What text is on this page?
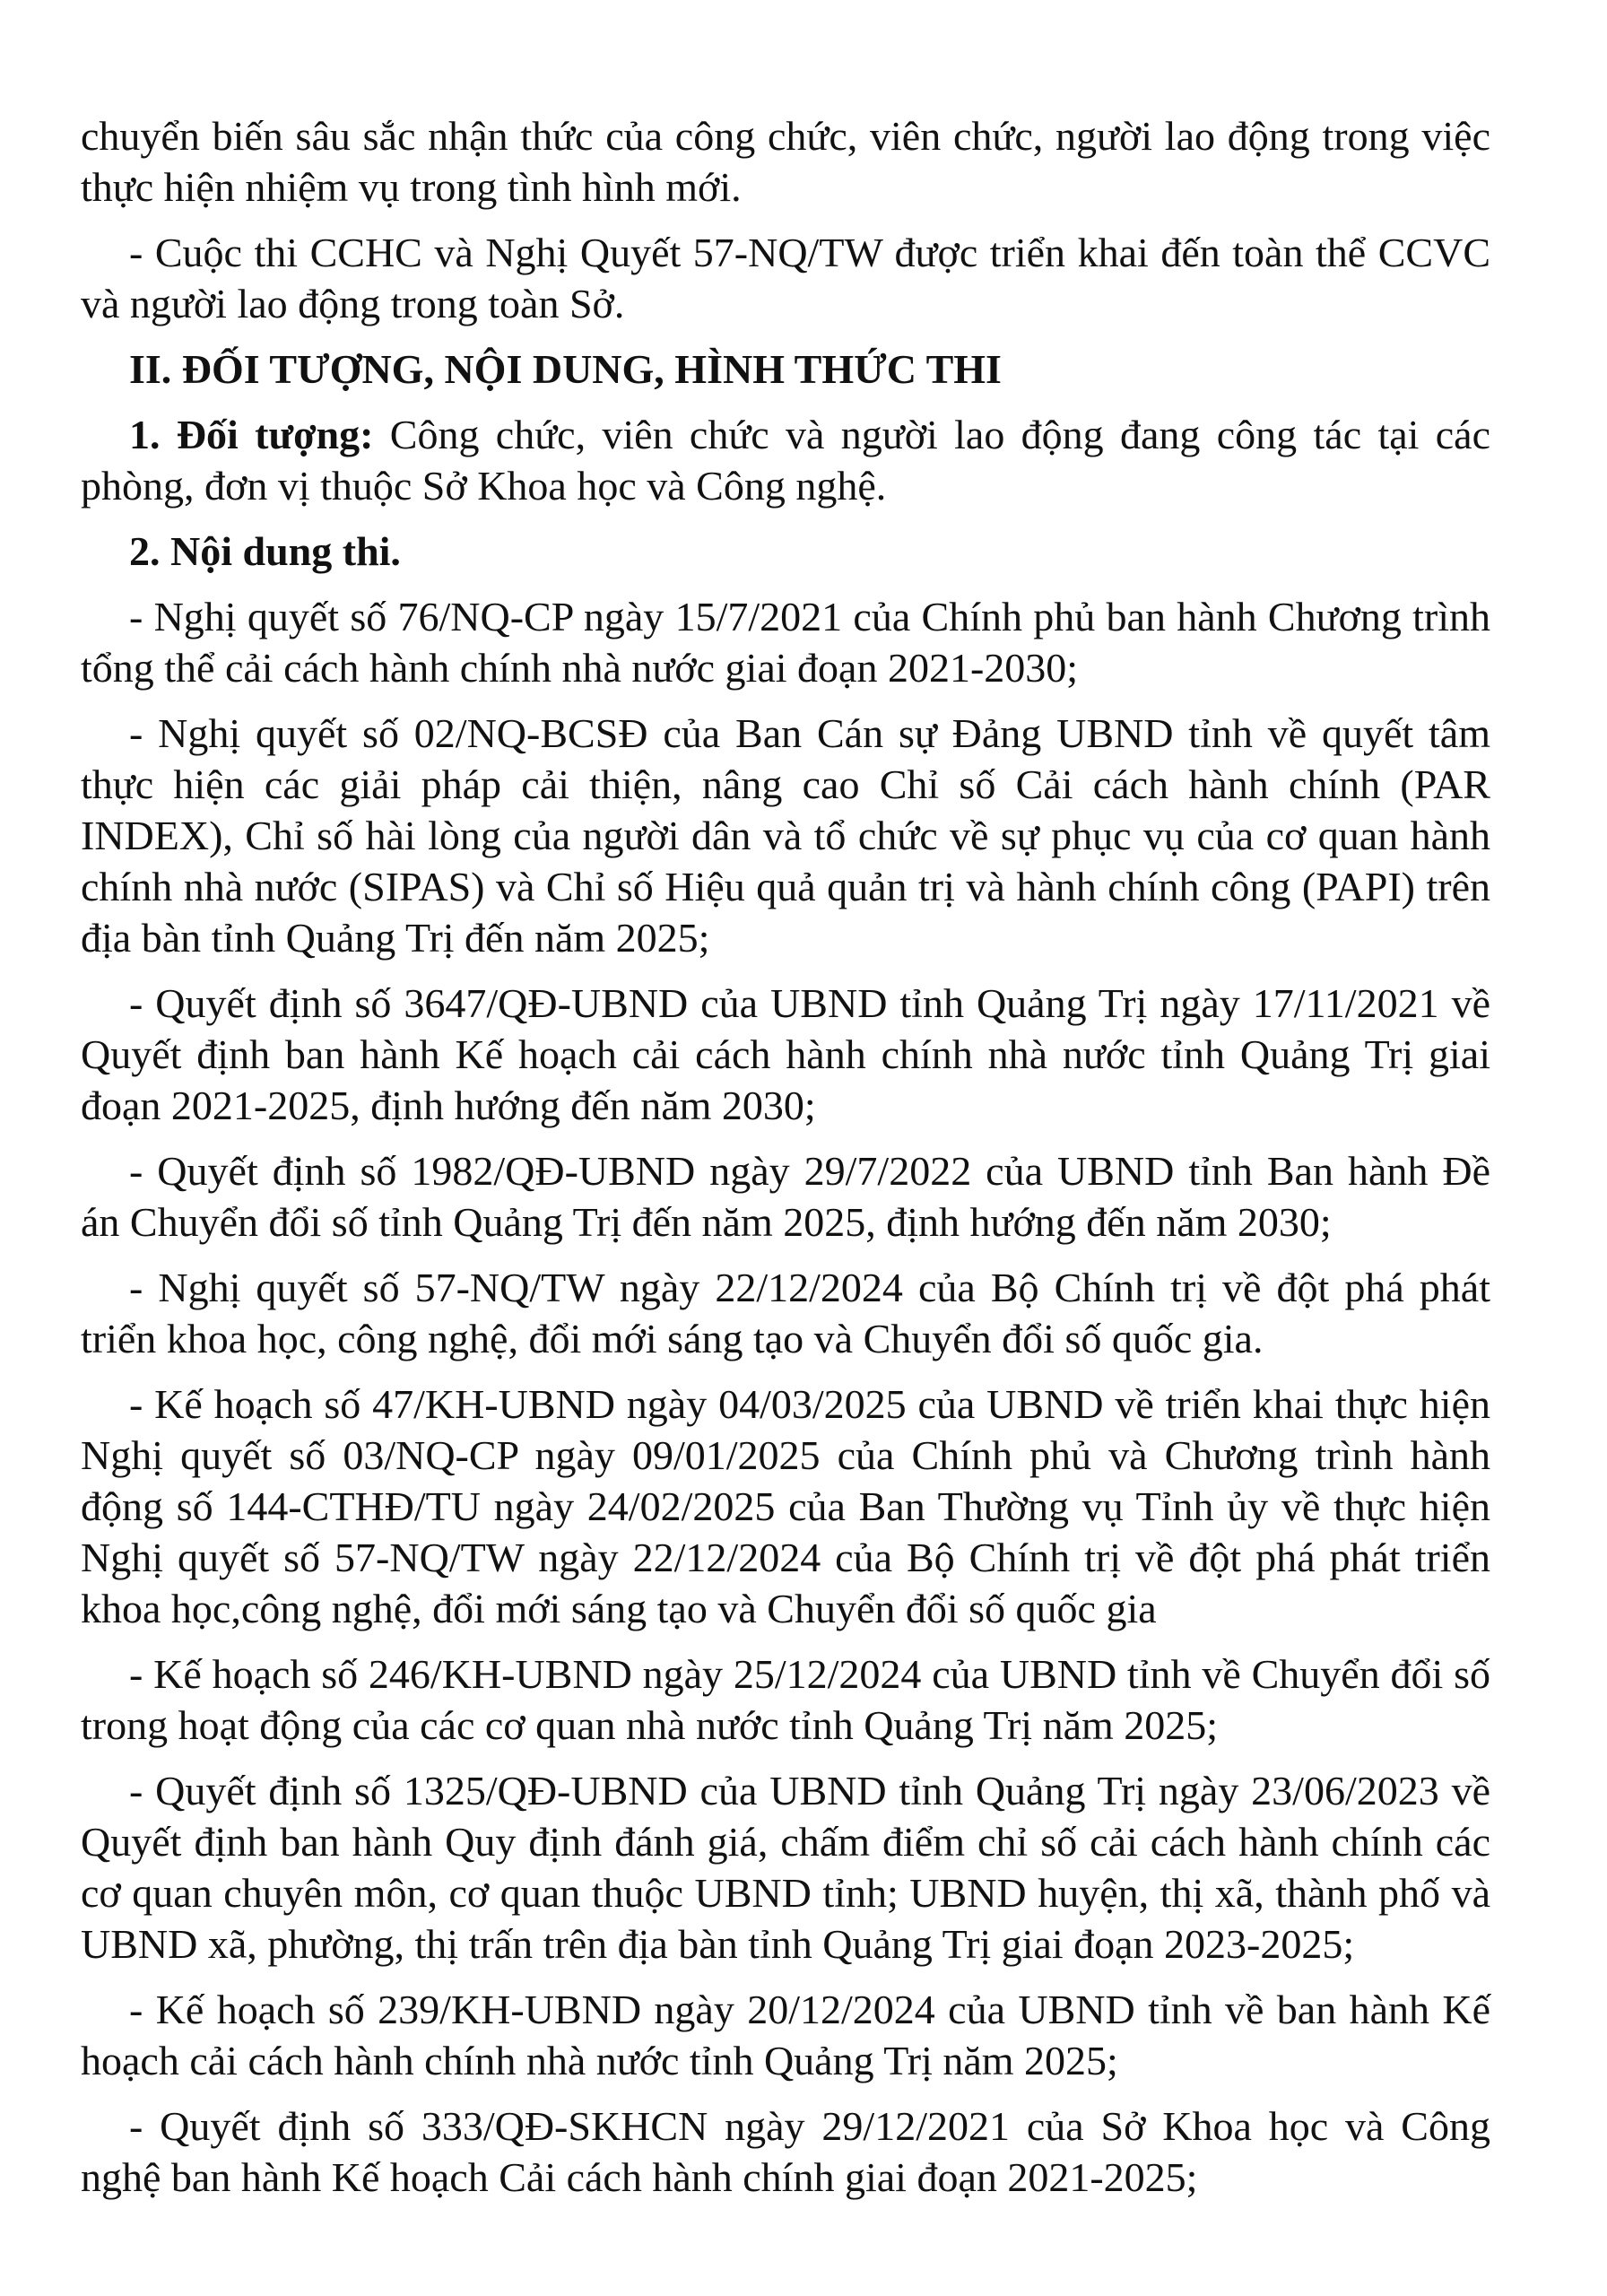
chuyển biến sâu sắc nhận thức của công chức, viên chức, người lao động trong việc thực hiện nhiệm vụ trong tình hình mới.

- Cuộc thi CCHC và Nghị Quyết 57-NQ/TW được triển khai đến toàn thể CCVC và người lao động trong toàn Sở.

II. ĐỐI TƯỢNG, NỘI DUNG, HÌNH THỨC THI

1. Đối tượng: Công chức, viên chức và người lao động đang công tác tại các phòng, đơn vị thuộc Sở Khoa học và Công nghệ.

2. Nội dung thi.

- Nghị quyết số 76/NQ-CP ngày 15/7/2021 của Chính phủ ban hành Chương trình tổng thể cải cách hành chính nhà nước giai đoạn 2021-2030;

- Nghị quyết số 02/NQ-BCSĐ của Ban Cán sự Đảng UBND tỉnh về quyết tâm thực hiện các giải pháp cải thiện, nâng cao Chỉ số Cải cách hành chính (PAR INDEX), Chỉ số hài lòng của người dân và tổ chức về sự phục vụ của cơ quan hành chính nhà nước (SIPAS) và Chỉ số Hiệu quả quản trị và hành chính công (PAPI) trên địa bàn tỉnh Quảng Trị đến năm 2025;

- Quyết định số 3647/QĐ-UBND của UBND tỉnh Quảng Trị ngày 17/11/2021 về Quyết định ban hành Kế hoạch cải cách hành chính nhà nước tỉnh Quảng Trị giai đoạn 2021-2025, định hướng đến năm 2030;

- Quyết định số 1982/QĐ-UBND ngày 29/7/2022 của UBND tỉnh Ban hành Đề án Chuyển đổi số tỉnh Quảng Trị đến năm 2025, định hướng đến năm 2030;

- Nghị quyết số 57-NQ/TW ngày 22/12/2024 của Bộ Chính trị về đột phá phát triển khoa học, công nghệ, đổi mới sáng tạo và Chuyển đổi số quốc gia.

- Kế hoạch số 47/KH-UBND ngày 04/03/2025 của UBND về triển khai thực hiện Nghị quyết số 03/NQ-CP ngày 09/01/2025 của Chính phủ và Chương trình hành động số 144-CTHĐ/TU ngày 24/02/2025 của Ban Thường vụ Tỉnh ủy về thực hiện Nghị quyết số 57-NQ/TW ngày 22/12/2024 của Bộ Chính trị về đột phá phát triển khoa học,công nghệ, đổi mới sáng tạo và Chuyển đổi số quốc gia

- Kế hoạch số 246/KH-UBND ngày 25/12/2024 của UBND tỉnh về Chuyển đổi số trong hoạt động của các cơ quan nhà nước tỉnh Quảng Trị năm 2025;

- Quyết định số 1325/QĐ-UBND của UBND tỉnh Quảng Trị ngày 23/06/2023 về Quyết định ban hành Quy định đánh giá, chấm điểm chỉ số cải cách hành chính các cơ quan chuyên môn, cơ quan thuộc UBND tỉnh; UBND huyện, thị xã, thành phố và UBND xã, phường, thị trấn trên địa bàn tỉnh Quảng Trị giai đoạn 2023-2025;

- Kế hoạch số 239/KH-UBND ngày 20/12/2024 của UBND tỉnh về ban hành Kế hoạch cải cách hành chính nhà nước tỉnh Quảng Trị năm 2025;

- Quyết định số 333/QĐ-SKHCN ngày 29/12/2021 của Sở Khoa học và Công nghệ ban hành Kế hoạch Cải cách hành chính giai đoạn 2021-2025;
